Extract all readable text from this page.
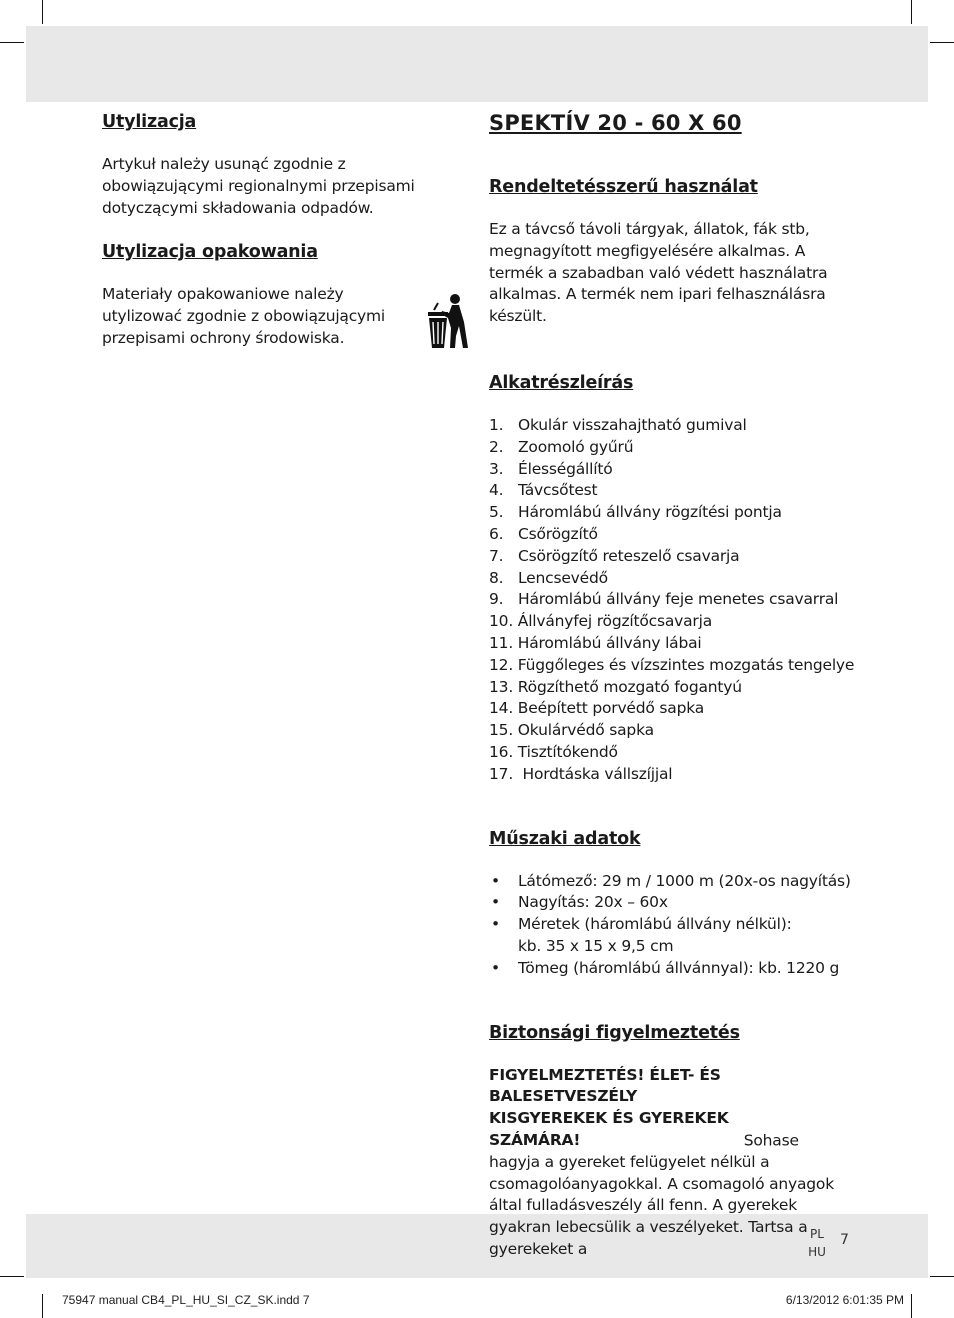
Utylizacja
Artykuł należy usunąć zgodnie z obowiązującymi regionalnymi przepisami dotyczącymi składowania odpadów.
Utylizacja opakowania
Materiały opakowaniowe należy utylizować zgodnie z obowiązującymi przepisami ochrony środowiska.
SPEKTÍV 20 - 60 X 60
Rendeltetésszerű használat
Ez a távcső távoli tárgyak, állatok, fák stb, megnagyított megfigyelésére alkalmas. A termék a szabadban való védett használatra alkalmas. A termék nem ipari felhasználásra készült.
Alkatrészleírás
1. Okulár visszahajtható gumival
2. Zoomoló gyűrű
3. Élességállító
4. Távcsőtest
5. Háromlábú állvány rögzítési pontja
6. Csőrögzítő
7. Csörögzítő reteszelő csavarja
8. Lencsevédő
9. Háromlábú állvány feje menetes csavarral
10.
Állványfej rögzítőcsavarja
11.
Háromlábú állvány lábai
12.
Függőleges és vízszintes mozgatás tengelye
13.
Rögzíthető mozgató fogantyú
14.
Beépített porvédő sapka
15.
Okulárvédő sapka
16.
Tisztítókendő
17.
Hordtáska vállszíjjal
Műszaki adatok
•	Látómező: 29 m / 1000 m (20x-os nagyítás)
•	Nagyítás: 20x – 60x
•	Méretek (háromlábú állvány nélkül):
kb. 35 x 15 x 9,5 cm
•	Tömeg (háromlábú állvánnyal): kb. 1220 g
Biztonsági figyelmeztetés
FIGYELMEZTETÉS! ÉLET- ÉS BALESETVESZÉLY KISGYEREKEK ÉS GYEREKEK SZÁMÁRA!	Sohase hagyja a gyereket felügyelet nélkül a csomagolóanyagokkal. A csomagoló anyagok által fulladásveszély áll fenn. A gyerekek gyakran lebecsülik a veszélyeket. Tartsa a gyerekeket a
PL
HU
7
75947 manual CB4_PL_HU_SI_CZ_SK.indd 7	6/13/2012 6:01:35 PM
